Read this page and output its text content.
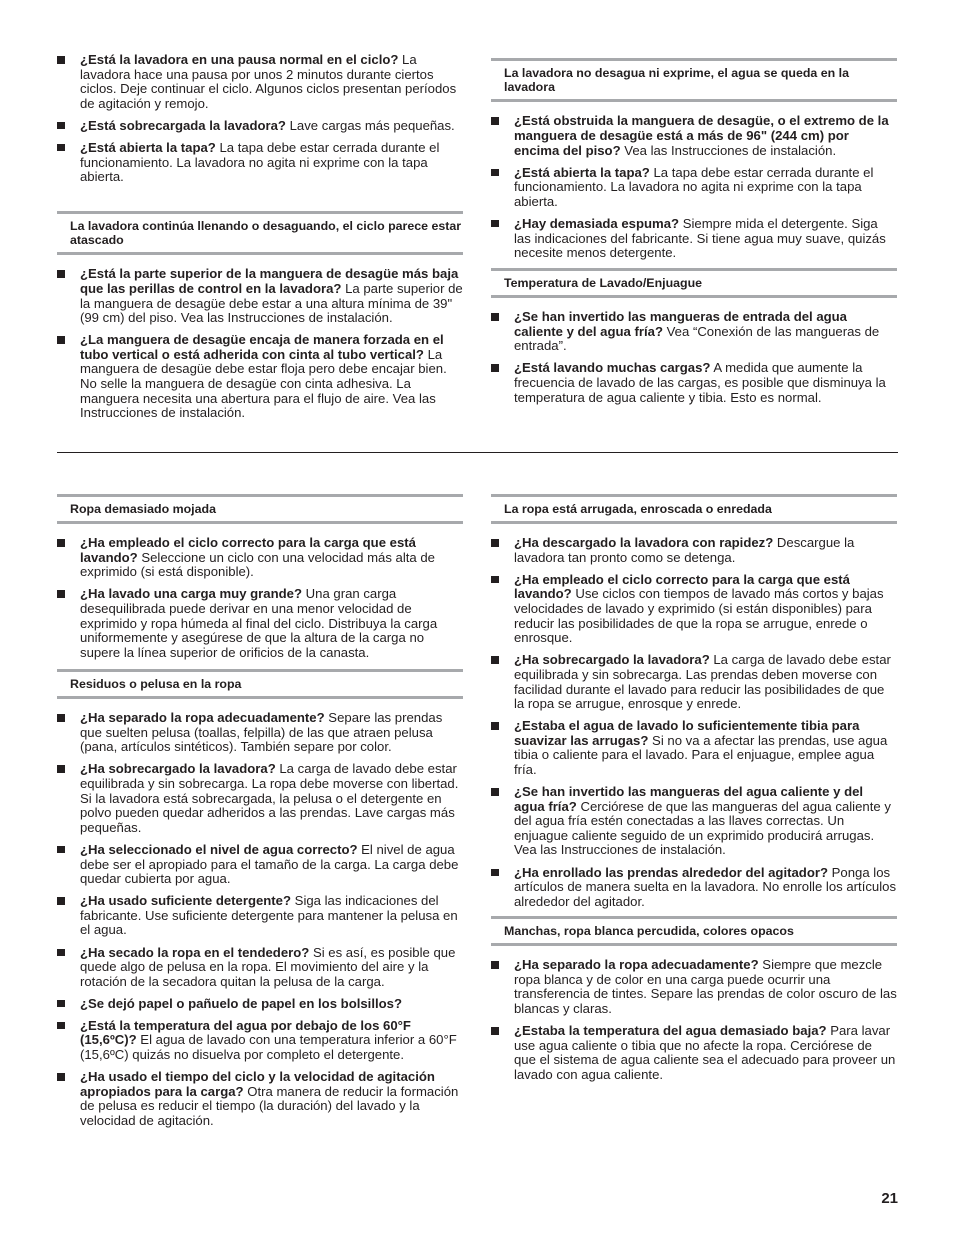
¿Está la lavadora en una pausa normal en el ciclo? La lavadora hace una pausa por unos 2 minutos durante ciertos ciclos. Deje continuar el ciclo. Algunos ciclos presentan períodos de agitación y remojo.
¿Está sobrecargada la lavadora? Lave cargas más pequeñas.
¿Está abierta la tapa? La tapa debe estar cerrada durante el funcionamiento. La lavadora no agita ni exprime con la tapa abierta.
La lavadora continúa llenando o desaguando, el ciclo parece estar atascado
¿Está la parte superior de la manguera de desagüe más baja que las perillas de control en la lavadora? La parte superior de la manguera de desagüe debe estar a una altura mínima de 39" (99 cm) del piso. Vea las Instrucciones de instalación.
¿La manguera de desagüe encaja de manera forzada en el tubo vertical o está adherida con cinta al tubo vertical? La manguera de desagüe debe estar floja pero debe encajar bien. No selle la manguera de desagüe con cinta adhesiva. La manguera necesita una abertura para el flujo de aire. Vea las Instrucciones de instalación.
La lavadora no desagua ni exprime, el agua se queda en la lavadora
¿Está obstruida la manguera de desagüe, o el extremo de la manguera de desagüe está a más de 96" (244 cm) por encima del piso? Vea las Instrucciones de instalación.
¿Está abierta la tapa? La tapa debe estar cerrada durante el funcionamiento. La lavadora no agita ni exprime con la tapa abierta.
¿Hay demasiada espuma? Siempre mida el detergente. Siga las indicaciones del fabricante. Si tiene agua muy suave, quizás necesite menos detergente.
Temperatura de Lavado/Enjuague
¿Se han invertido las mangueras de entrada del agua caliente y del agua fría? Vea “Conexión de las mangueras de entrada”.
¿Está lavando muchas cargas? A medida que aumente la frecuencia de lavado de las cargas, es posible que disminuya la temperatura de agua caliente y tibia. Esto es normal.
Ropa demasiado mojada
¿Ha empleado el ciclo correcto para la carga que está lavando? Seleccione un ciclo con una velocidad más alta de exprimido (si está disponible).
¿Ha lavado una carga muy grande? Una gran carga desequilibrada puede derivar en una menor velocidad de exprimido y ropa húmeda al final del ciclo. Distribuya la carga uniformemente y asegúrese de que la altura de la carga no supere la línea superior de orificios de la canasta.
Residuos o pelusa en la ropa
¿Ha separado la ropa adecuadamente? Separe las prendas que suelten pelusa (toallas, felpilla) de las que atraen pelusa (pana, artículos sintéticos). También separe por color.
¿Ha sobrecargado la lavadora? La carga de lavado debe estar equilibrada y sin sobrecarga. La ropa debe moverse con libertad. Si la lavadora está sobrecargada, la pelusa o el detergente en polvo pueden quedar adheridos a las prendas. Lave cargas más pequeñas.
¿Ha seleccionado el nivel de agua correcto? El nivel de agua debe ser el apropiado para el tamaño de la carga. La carga debe quedar cubierta por agua.
¿Ha usado suficiente detergente? Siga las indicaciones del fabricante. Use suficiente detergente para mantener la pelusa en el agua.
¿Ha secado la ropa en el tendedero? Si es así, es posible que quede algo de pelusa en la ropa. El movimiento del aire y la rotación de la secadora quitan la pelusa de la carga.
¿Se dejó papel o pañuelo de papel en los bolsillos?
¿Está la temperatura del agua por debajo de los 60°F (15,6ºC)? El agua de lavado con una temperatura inferior a 60°F (15,6ºC) quizás no disuelva por completo el detergente.
¿Ha usado el tiempo del ciclo y la velocidad de agitación apropiados para la carga? Otra manera de reducir la formación de pelusa es reducir el tiempo (la duración) del lavado y la velocidad de agitación.
La ropa está arrugada, enroscada o enredada
¿Ha descargado la lavadora con rapidez? Descargue la lavadora tan pronto como se detenga.
¿Ha empleado el ciclo correcto para la carga que está lavando? Use ciclos con tiempos de lavado más cortos y bajas velocidades de lavado y exprimido (si están disponibles) para reducir las posibilidades de que la ropa se arrugue, enrede o enrosque.
¿Ha sobrecargado la lavadora? La carga de lavado debe estar equilibrada y sin sobrecarga. Las prendas deben moverse con facilidad durante el lavado para reducir las posibilidades de que la ropa se arrugue, enrosque y enrede.
¿Estaba el agua de lavado lo suficientemente tibia para suavizar las arrugas? Si no va a afectar las prendas, use agua tibia o caliente para el lavado. Para el enjuague, emplee agua fría.
¿Se han invertido las mangueras del agua caliente y del agua fría? Cerciórese de que las mangueras del agua caliente y del agua fría estén conectadas a las llaves correctas. Un enjuague caliente seguido de un exprimido producirá arrugas. Vea las Instrucciones de instalación.
¿Ha enrollado las prendas alrededor del agitador? Ponga los artículos de manera suelta en la lavadora. No enrolle los artículos alrededor del agitador.
Manchas, ropa blanca percudida, colores opacos
¿Ha separado la ropa adecuadamente? Siempre que mezcle ropa blanca y de color en una carga puede ocurrir una transferencia de tintes. Separe las prendas de color oscuro de las blancas y claras.
¿Estaba la temperatura del agua demasiado baja? Para lavar use agua caliente o tibia que no afecte la ropa. Cerciórese de que el sistema de agua caliente sea el adecuado para proveer un lavado con agua caliente.
21
